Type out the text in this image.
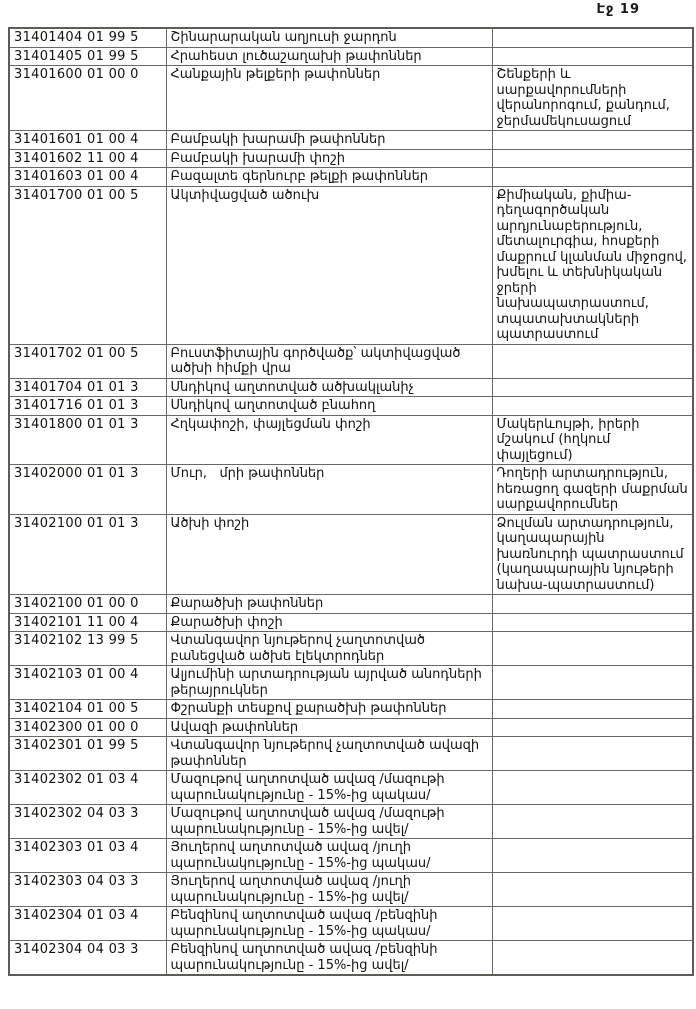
Էջ 19
31401404 01 99 5	Շինարարական աղյուսի ջարդոն	
31401405 01 99 5	Հրահեստ լուծաշաղախի թափոններ	
31401600 01 00 0	Հանքային թելքերի թափոններ	Շենքերի և սարքավորումների վերանորոգում, քանդում, ջերմամեկուսացում
31401601 01 00 4	Բամբակի խարամի թափոններ	
31401602 11 00 4	Բամբակի խարամի փոշի	
31401603 01 00 4	Բազալտե գերնուրբ թելքի թափոններ	
31401700 01 00 5	Ակտիվացված ածուխ	Քիմիական, քիմիա-դեղագործական արդյունաբերություն, մետալուրգիա, հոսքերի մաքրում կլանման միջոցով, խմելու և տեխնիկական ջրերի նախապատրաստում, տպատախտակների պատրաստում
31401702 01 00 5	Բուստֆիտային գործվածք՝ ակտիվացված ածխի հիմքի վրա	
31401704 01 01 3	Սնդիկով աղտոտված ածխակլանիչ	
31401716 01 01 3	Սնդիկով աղտոտված բնահող	
31401800 01 01 3	Հղկափոշի, փայլեցման փոշի	Մակերևույթի, իրերի մշակում (հղկում փայլեցում)
31402000 01 01 3	Մուր,   մրի թափոններ	Դողերի արտադրություն, հեռացող գազերի մաքրման սարքավորումներ
31402100 01 01 3	Ածխի փոշի	Ձուլման արտադրություն, կաղապարային խառնուրդի պատրաստում (կաղապարային նյութերի նախա-պատրաստում)
31402100 01 00 0	Քարածխի թափոններ	
31402101 11 00 4	Քարածխի փոշի	
31402102 13 99 5	Վտանգավոր նյութերով չաղտոտված բանեցված ածխե էլեկտրոդներ	
31402103 01 00 4	Ալյումինի արտադրության այրված անոդների թերայրուկներ	
31402104 01 00 5	Փշրանքի տեսքով քարածխի թափոններ	
31402300 01 00 0	Ավազի թափոններ	
31402301 01 99 5	Վտանգավոր նյութերով չաղտոտված ավազի թափոններ	
31402302 01 03 4	Մազութով աղտոտված ավազ /մազութի պարունակությունը - 15%-ից պակաս/	
31402302 04 03 3	Մազութով աղտոտված ավազ /մազութի պարունակությունը - 15%-ից ավել/	
31402303 01 03 4	Յուղերով աղտոտված ավազ /յուղի պարունակությունը - 15%-ից պակաս/	
31402303 04 03 3	Յուղերով աղտոտված ավազ /յուղի պարունակությունը - 15%-ից ավել/	
31402304 01 03 4	Բենզինով աղտոտված ավազ /բենզինի պարունակությունը - 15%-ից պակաս/	
31402304 04 03 3	Բենզինով աղտոտված ավազ /բենզինի պարունակությունը - 15%-ից ավել/	
